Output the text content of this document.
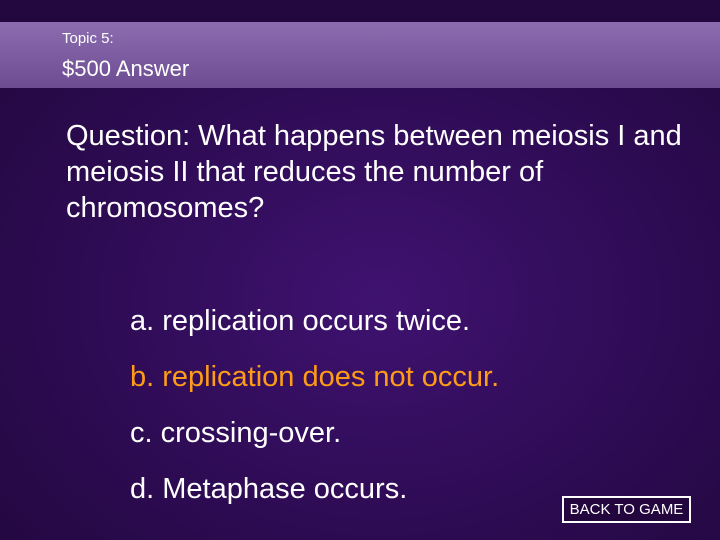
Topic 5:
$500 Answer
Question: What happens between meiosis I and meiosis II that reduces the number of chromosomes?
a. replication occurs twice.
b. replication does not occur.
c. crossing-over.
d. Metaphase occurs.
BACK TO GAME
